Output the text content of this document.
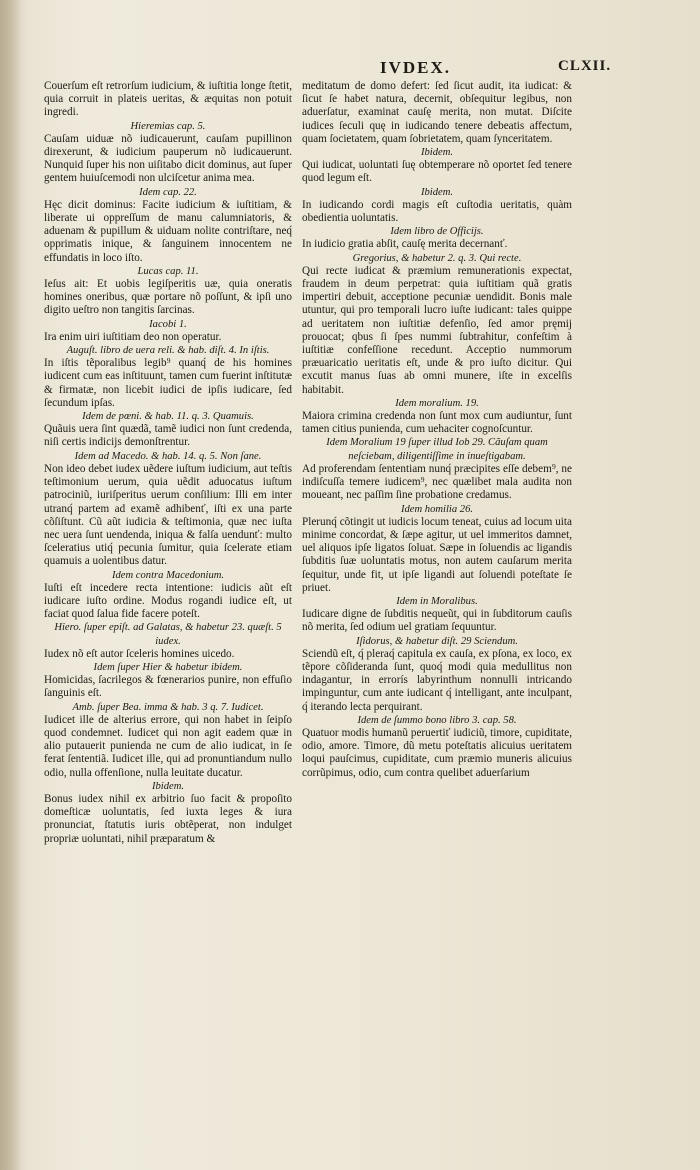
IVDEX.	CLXII.

Couerſum eſt retrorſum iudicium, & iuſtitia longe ſtetit, quia corruit in plateis ueritas, & æquitas non potuit ingredi.

Hieremias cap. 5.

Cauſam uiduæ nõ iudicauerunt, cauſam pupillinon direxerunt, & iudicium pauperum nõ iudicauerunt. Nunquid ſuper his non uiſitabo dicit dominus, aut ſuper gentem huiuſcemodi non ulciſcetur anima mea.

Idem cap. 22.

Hęc dicit dominus: Facite iudicium & iuſtitiam, & liberate ui oppreſſum de manu calumniatoris, & aduenam & pupillum & uiduam nolite contriſtare, neq́ opprimatis inique, & ſanguinem innocentem ne effundatis in loco iſto.

Lucas cap. 11.

Ieſus ait: Et uobis legiſperitis uæ, quia oneratis homines oneribus, quæ portare nõ poſſunt, & ipſi uno digito ueſtro non tangitis ſarcinas.

Iacobi 1.

Ira enim uiri iuſtitiam deo non operatur.

Auguſt. libro de uera reli. & hab. diſt. 4. In iſtis.

In iſtis tẽporalibus legib⁹ quanq́ de his homines iudicent cum eas inſtituunt, tamen cum fuerint inſtitutæ & firmatæ, non licebit iudici de ipſis iudicare, ſed ſecundum ipſas.

Idem de pœni. & hab. 11. q. 3. Quamuis.

Quãuis uera ſint quædã, tamẽ iudici non ſunt credenda, niſi certis indicijs demonſtrentur.

Idem ad Macedo. & hab. 14. q. 5. Non ſane.

Non ideo debet iudex uẽdere iuſtum iudicium, aut teſtis teſtimonium uerum, quia uẽdit aduocatus iuſtum patrociniũ, iuriſperitus uerum conſilium: Illi em inter utranq́ partem ad examẽ adhibenť, iſti ex una parte cõſiſtunt. Cũ aũt iudicia & teſtimonia, quæ nec iuſta nec uera ſunt uendenda, iniqua & falſa uendunť: multo ſceleratius utiq́ pecunia ſumitur, quia ſcelerate etiam quamuis a uolentibus datur.

Idem contra Macedonium.

Iuſti eſt incedere recta intentione: iudicis aũt eſt iudicare iuſto ordine. Modus rogandi iudice eſt, ut faciat quod ſalua fide facere poteſt.

Hiero. ſuper epiſt. ad Galatas, & habetur 23. quæſt. 5 iudex.

Iudex nõ eſt autor ſceleris homines uicedo.

Idem ſuper Hier & habetur ibidem.

Homicidas, ſacrilegos & fœnerarios punire, non effuſio ſanguinis eſt.

Amb. ſuper Bea. imma & hab. 3 q. 7. Iudicet.

Iudicet ille de alterius errore, qui non habet in ſeipſo quod condemnet. Iudicet qui non agit eadem quæ in alio putauerit punienda ne cum de alio iudicat, in ſe ferat ſententiã. Iudicet ille, qui ad pronuntiandum nullo odio, nulla offenſione, nulla leuitate ducatur.

Ibidem.

Bonus iudex nihil ex arbitrio ſuo facit & propoſito domeſticæ uoluntatis, ſed iuxta leges & iura pronunciat, ſtatutis iuris obtẽperat, non indulget propriæ uoluntati, nihil præparatum &

meditatum de domo defert: ſed ſicut audit, ita iudicat: & ſicut ſe habet natura, decernit, obſequitur legibus, non aduerſatur, examinat cauſę merita, non mutat. Diſcite iudices ſeculi quę in iudicando tenere debeatis affectum, quam ſocietatem, quam ſobrietatem, quam ſynceritatem.

Ibidem.

Qui iudicat, uoluntati ſuę obtemperare nõ oportet ſed tenere quod legum eſt.

Ibidem.

In iudicando cordi magis eſt cuſtodia ueritatis, quàm obedientia uoluntatis.

Idem libro de Officijs.

In iudicio gratia abſit, cauſę merita decernanť.

Gregorius, & habetur 2. q. 3. Qui recte.

Qui recte iudicat & præmium remunerationis expectat, fraudem in deum perpetrat: quia iuſtitiam quã gratis impertiri debuit, acceptione pecuniæ uendidit. Bonis male utuntur, qui pro temporali lucro iuſte iudicant: tales quippe ad ueritatem non iuſtitiæ defenſio, ſed amor pręmij prouocat; qbus ſi ſpes nummi ſubtrahitur, confeſtim à iuſtitiæ confeſſione recedunt. Acceptio nummorum præuaricatio ueritatis eſt, unde & pro iuſto dicitur. Qui excutit manus ſuas ab omni munere, iſte in excelſis habitabit.

Idem moralium. 19.

Maiora crimina credenda non ſunt mox cum audiuntur, ſunt tamen citius punienda, cum uehaciter cognoſcuntur.

Idem Moralium 19 ſuper illud Iob 29. Cãuſam quam neſciebam, diligentiſſime in inueſtigabam.

Ad proferendam ſententiam nunq́ præcipites eſſe debem⁹, ne indiſcuſſa temere iudicem⁹, nec quælibet mala audita non moueant, nec paſſim ſine probatione credamus.

Idem homilia 26.

Plerunq́ cõtingit ut iudicis locum teneat, cuius ad locum uita minime concordat, & ſæpe agitur, ut uel immeritos damnet, uel aliquos ipſe ligatos ſoluat. Sæpe in ſoluendis ac ligandis ſubditis ſuæ uoluntatis motus, non autem cauſarum merita ſequitur, unde fit, ut ipſe ligandi aut ſoluendi poteſtate ſe priuet.

Idem in Moralibus.

Iudicare digne de ſubditis nequeũt, qui in ſubditorum cauſis nõ merita, ſed odium uel gratiam ſequuntur.

Iſidorus, & habetur diſt. 29 Sciendum.

Sciendũ eſt, q́ pleraq́ capitula ex cauſa, ex pſona, ex loco, ex tẽpore cõſideranda ſunt, quoq́ modi quia medullitus non indagantur, in errorís labyrinthum nonnulli intricando impinguntur, cum ante iudicant q́ intelligant, ante inculpant, q́ iterando lecta perquirant.

Idem de ſummo bono libro 3. cap. 58.

Quatuor modis humanũ peruertiť iudiciũ, timore, cupiditate, odio, amore. Timore, dũ metu poteſtatis alicuius ueritatem loqui pauſcimus, cupiditate, cum præmio muneris alicuius corrũpimus, odio, cum contra quelibet aduerſarium
